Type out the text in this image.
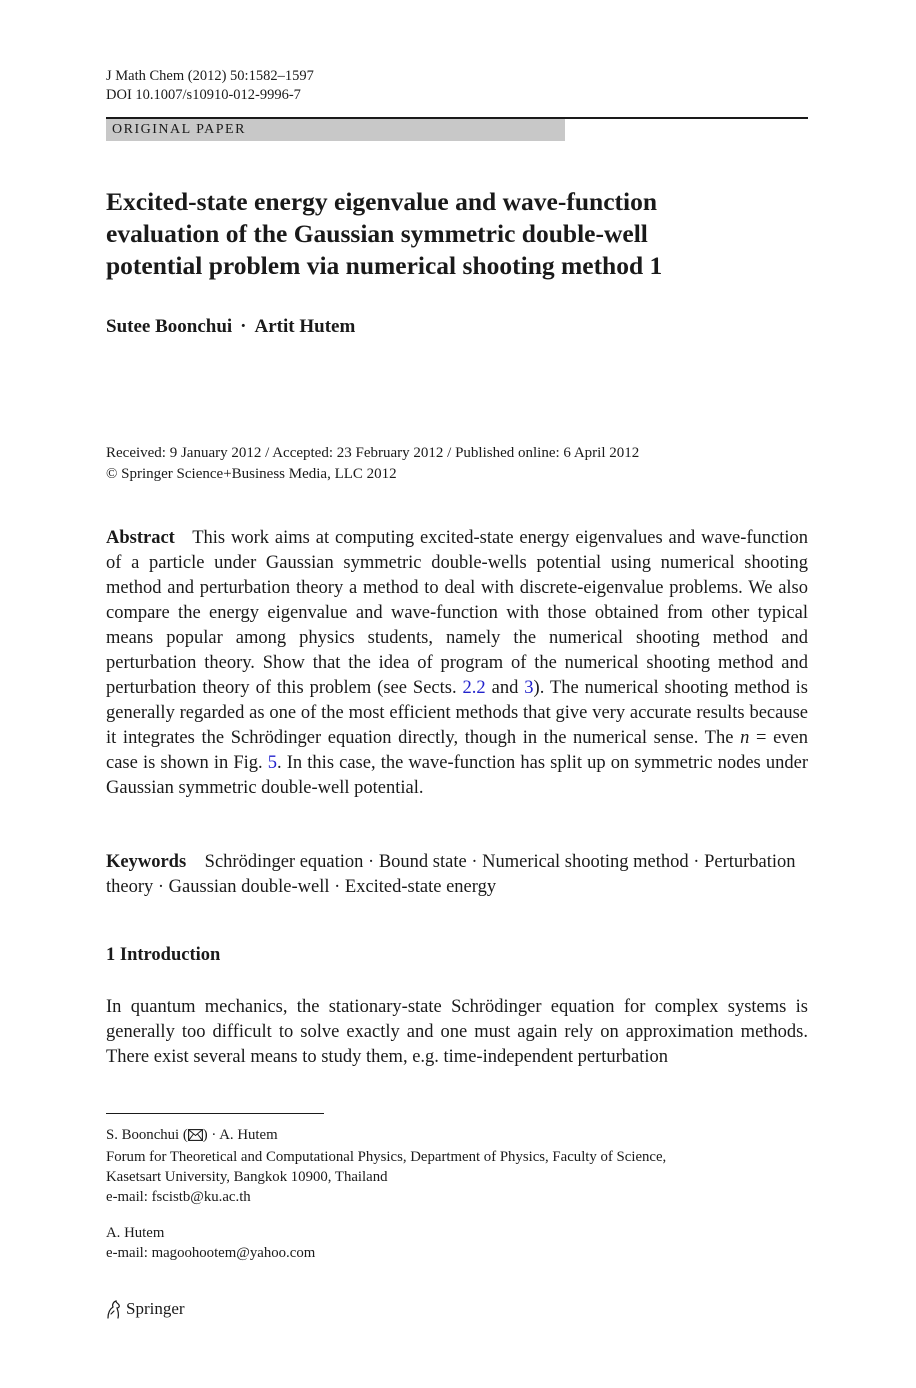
J Math Chem (2012) 50:1582–1597
DOI 10.1007/s10910-012-9996-7
ORIGINAL PAPER
Excited-state energy eigenvalue and wave-function
evaluation of the Gaussian symmetric double-well
potential problem via numerical shooting method 1
Sutee Boonchui · Artit Hutem
Received: 9 January 2012 / Accepted: 23 February 2012 / Published online: 6 April 2012
© Springer Science+Business Media, LLC 2012
Abstract This work aims at computing excited-state energy eigenvalues and wave-function of a particle under Gaussian symmetric double-wells potential using numerical shooting method and perturbation theory a method to deal with discrete-eigenvalue problems. We also compare the energy eigenvalue and wave-function with those obtained from other typical means popular among physics students, namely the numerical shooting method and perturbation theory. Show that the idea of program of the numerical shooting method and perturbation theory of this problem (see Sects. 2.2 and 3). The numerical shooting method is generally regarded as one of the most efficient methods that give very accurate results because it integrates the Schrödinger equation directly, though in the numerical sense. The n = even case is shown in Fig. 5. In this case, the wave-function has split up on symmetric nodes under Gaussian symmetric double-well potential.
Keywords Schrödinger equation · Bound state · Numerical shooting method · Perturbation theory · Gaussian double-well · Excited-state energy
1 Introduction
In quantum mechanics, the stationary-state Schrödinger equation for complex systems is generally too difficult to solve exactly and one must again rely on approximation methods. There exist several means to study them, e.g. time-independent perturbation
S. Boonchui ( ) · A. Hutem
Forum for Theoretical and Computational Physics, Department of Physics, Faculty of Science,
Kasetsart University, Bangkok 10900, Thailand
e-mail: fscistb@ku.ac.th
A. Hutem
e-mail: magoohootem@yahoo.com
Springer
